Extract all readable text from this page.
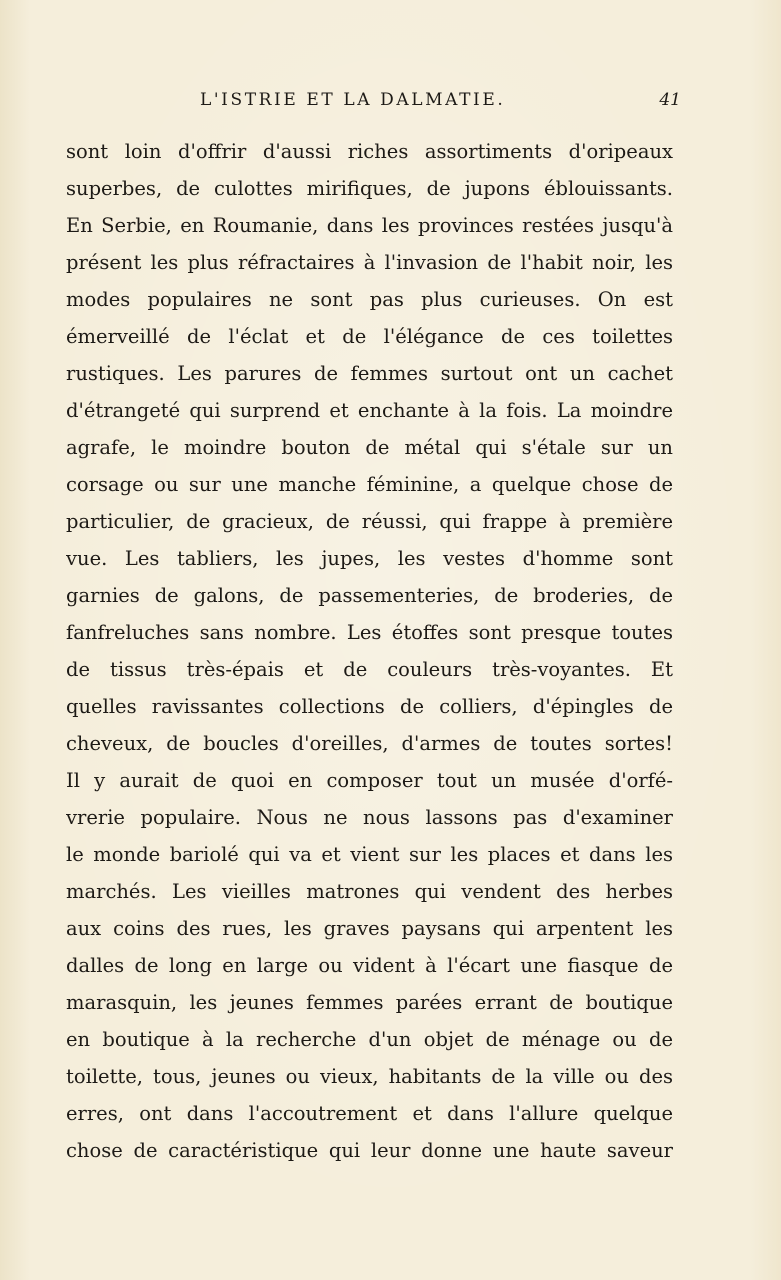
L'ISTRIE ET LA DALMATIE.	41
sont loin d'offrir d'aussi riches assortiments d'oripeaux
superbes, de culottes mirifiques, de jupons éblouissants.
En Serbie, en Roumanie, dans les provinces restées jusqu'à
présent les plus réfractaires à l'invasion de l'habit noir, les
modes populaires ne sont pas plus curieuses. On est
émerveillé de l'éclat et de l'élégance de ces toilettes
rustiques. Les parures de femmes surtout ont un cachet
d'étrangeté qui surprend et enchante à la fois. La moindre
agrafe, le moindre bouton de métal qui s'étale sur un
corsage ou sur une manche féminine, a quelque chose de
particulier, de gracieux, de réussi, qui frappe à première
vue. Les tabliers, les jupes, les vestes d'homme sont
garnies de galons, de passementeries, de broderies, de
fanfreluches sans nombre. Les étoffes sont presque toutes
de tissus très-épais et de couleurs très-voyantes. Et
quelles ravissantes collections de colliers, d'épingles de
cheveux, de boucles d'oreilles, d'armes de toutes sortes!
Il y aurait de quoi en composer tout un musée d'orfé-
vrerie populaire. Nous ne nous lassons pas d'examiner
le monde bariolé qui va et vient sur les places et dans les
marchés. Les vieilles matrones qui vendent des herbes
aux coins des rues, les graves paysans qui arpentent les
dalles de long en large ou vident à l'écart une fiasque de
marasquin, les jeunes femmes parées errant de boutique
en boutique à la recherche d'un objet de ménage ou de
toilette, tous, jeunes ou vieux, habitants de la ville ou des
erres, ont dans l'accoutrement et dans l'allure quelque
chose de caractéristique qui leur donne une haute saveur
